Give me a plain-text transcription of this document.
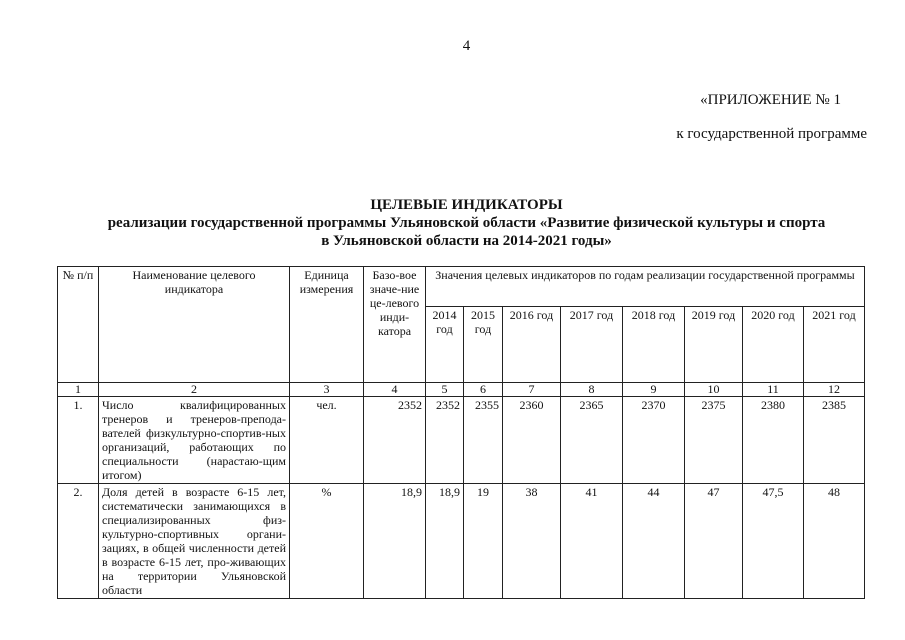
4
«ПРИЛОЖЕНИЕ № 1
к государственной программе
ЦЕЛЕВЫЕ ИНДИКАТОРЫ
реализации государственной программы Ульяновской области «Развитие физической культуры и спорта
в Ульяновской области на 2014-2021 годы»
№ п/п	Наименование целевого индикатора	Единица измерения	Базо-вое значе-ние це-левого инди-катора	Значения целевых индикаторов по годам реализации государственной программы							
				2014 год	2015 год	2016 год	2017 год	2018 год	2019 год	2020 год	2021 год
1	2	3	4	5	6	7	8	9	10	11	12
1.	Число квалифицированных тренеров и тренеров-препода-вателей физкультурно-спортив-ных организаций, работающих по специальности (нарастаю-щим итогом)	чел.	2352	2352	2355	2360	2365	2370	2375	2380	2385
2.	Доля детей в возрасте 6-15 лет, систематически занимающихся в специализированных физ-культурно-спортивных органи-зациях, в общей численности детей в возрасте 6-15 лет, про-живающих на территории Ульяновской области	%	18,9	18,9	19	38	41	44	47	47,5	48
